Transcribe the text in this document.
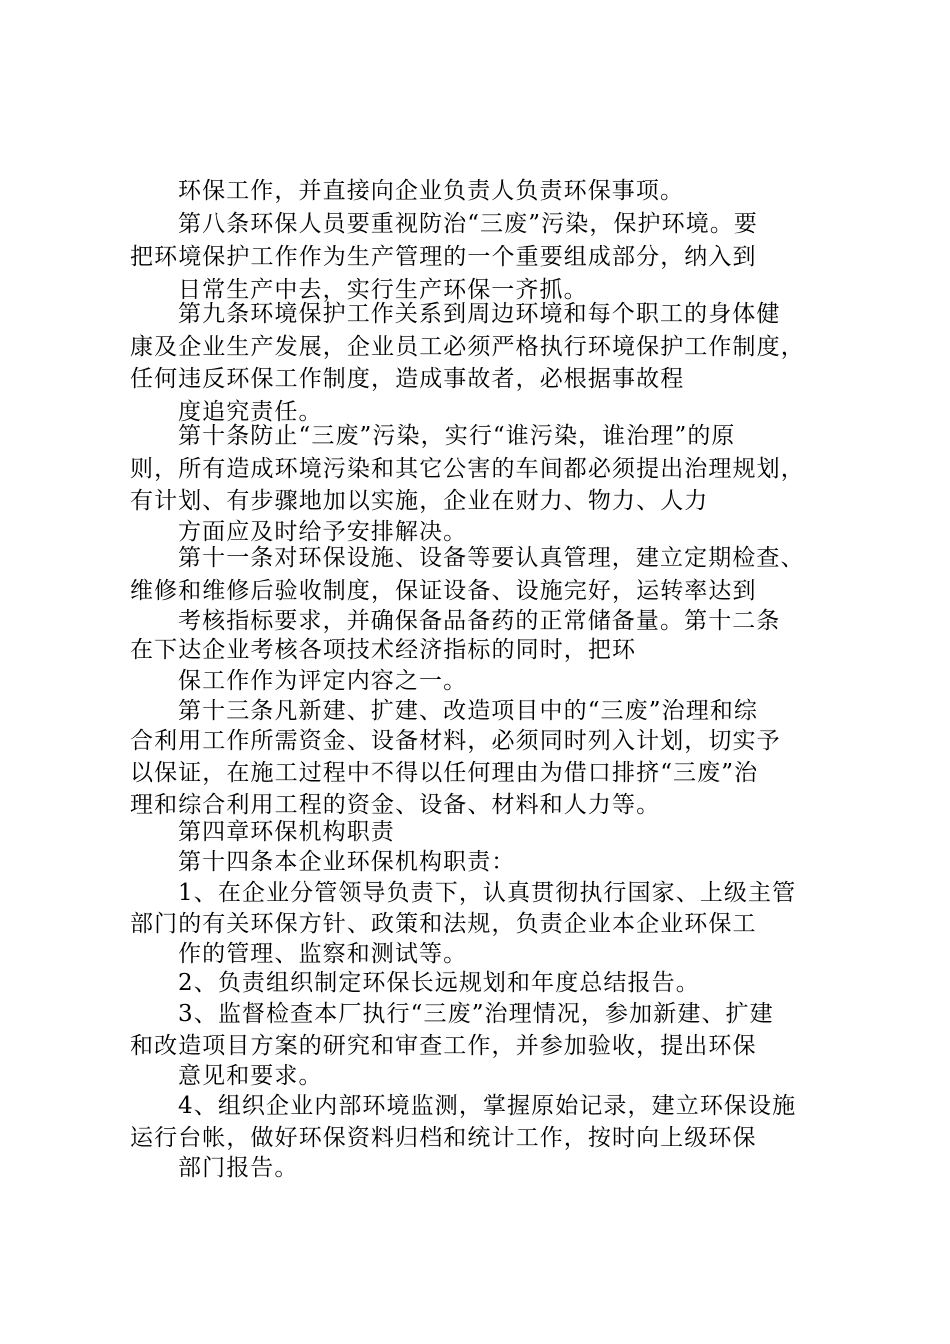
环保工作，并直接向企业负责人负责环保事项。
第八条环保人员要重视防治“三废”污染，保护环境。要
把环境保护工作作为生产管理的一个重要组成部分，纳入到
日常生产中去，实行生产环保一齐抓。
第九条环境保护工作关系到周边环境和每个职工的身体健
康及企业生产发展，企业员工必须严格执行环境保护工作制度，
任何违反环保工作制度，造成事故者，必根据事故程
度追究责任。
第十条防止“三废”污染，实行“谁污染，谁治理”的原
则，所有造成环境污染和其它公害的车间都必须提出治理规划，
有计划、有步骤地加以实施，企业在财力、物力、人力
方面应及时给予安排解决。
第十一条对环保设施、设备等要认真管理，建立定期检查、
维修和维修后验收制度，保证设备、设施完好，运转率达到
考核指标要求，并确保备品备药的正常储备量。第十二条
在下达企业考核各项技术经济指标的同时，把环
保工作作为评定内容之一。
第十三条凡新建、扩建、改造项目中的“三废”治理和综
合利用工作所需资金、设备材料，必须同时列入计划，切实予
以保证，在施工过程中不得以任何理由为借口排挤“三废”治
理和综合利用工程的资金、设备、材料和人力等。
第四章环保机构职责
第十四条本企业环保机构职责：
1、在企业分管领导负责下，认真贯彻执行国家、上级主管
部门的有关环保方针、政策和法规，负责企业本企业环保工
作的管理、监察和测试等。
2、负责组织制定环保长远规划和年度总结报告。
3、监督检查本厂执行“三废”治理情况，参加新建、扩建
和改造项目方案的研究和审查工作，并参加验收，提出环保
意见和要求。
4、组织企业内部环境监测，掌握原始记录，建立环保设施
运行台帐，做好环保资料归档和统计工作，按时向上级环保
部门报告。
